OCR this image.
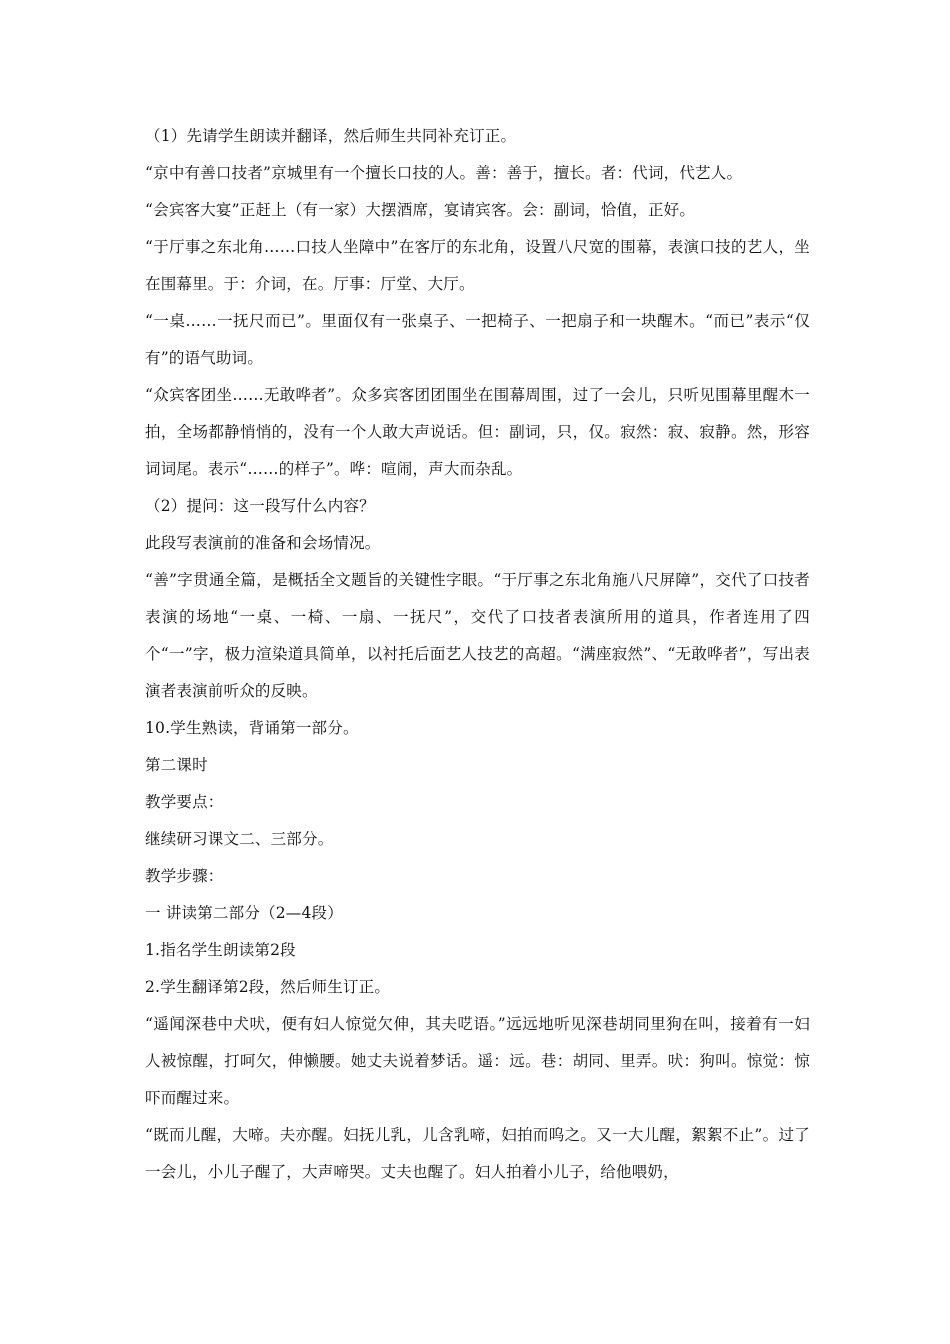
（1）先请学生朗读并翻译，然后师生共同补充订正。

“京中有善口技者”京城里有一个擅长口技的人。善：善于，擅长。者：代词，代艺人。

“会宾客大宴”正赶上（有一家）大摆酒席，宴请宾客。会：副词，恰值，正好。

“于厅事之东北角……口技人坐障中”在客厅的东北角，设置八尺宽的围幕，表演口技的艺人，坐在围幕里。于：介词，在。厅事：厅堂、大厅。

“一桌……一抚尺而已”。里面仅有一张桌子、一把椅子、一把扇子和一块醒木。“而已”表示“仅有”的语气助词。

“众宾客团坐……无敢哗者”。众多宾客团团围坐在围幕周围，过了一会儿，只听见围幕里醒木一拍，全场都静悄悄的，没有一个人敢大声说话。但：副词，只，仅。寂然：寂、寂静。然，形容词词尾。表示“……的样子”。哗：喧闹，声大而杂乱。

（2）提问：这一段写什么内容？

此段写表演前的准备和会场情况。

“善”字贯通全篇，是概括全文题旨的关键性字眼。“于厅事之东北角施八尺屏障”，交代了口技者表演的场地“一桌、一椅、一扇、一抚尺”，交代了口技者表演所用的道具，作者连用了四个“一”字，极力渲染道具简单，以衬托后面艺人技艺的高超。“满座寂然”、“无敢哗者”，写出表演者表演前听众的反映。

10.学生熟读，背诵第一部分。

第二课时

教学要点：

继续研习课文二、三部分。

教学步骤：

一 讲读第二部分（2—4段）

1.指名学生朗读第2段

2.学生翻译第2段，然后师生订正。

“遥闻深巷中犬吠，便有妇人惊觉欠伸，其夫呓语。”远远地听见深巷胡同里狗在叫，接着有一妇人被惊醒，打呵欠，伸懒腰。她丈夫说着梦话。遥：远。巷：胡同、里弄。吠：狗叫。惊觉：惊吓而醒过来。

“既而儿醒，大啼。夫亦醒。妇抚儿乳，儿含乳啼，妇拍而呜之。又一大儿醒，絮絮不止”。过了一会儿，小儿子醒了，大声啼哭。丈夫也醒了。妇人拍着小儿子，给他喂奶，
